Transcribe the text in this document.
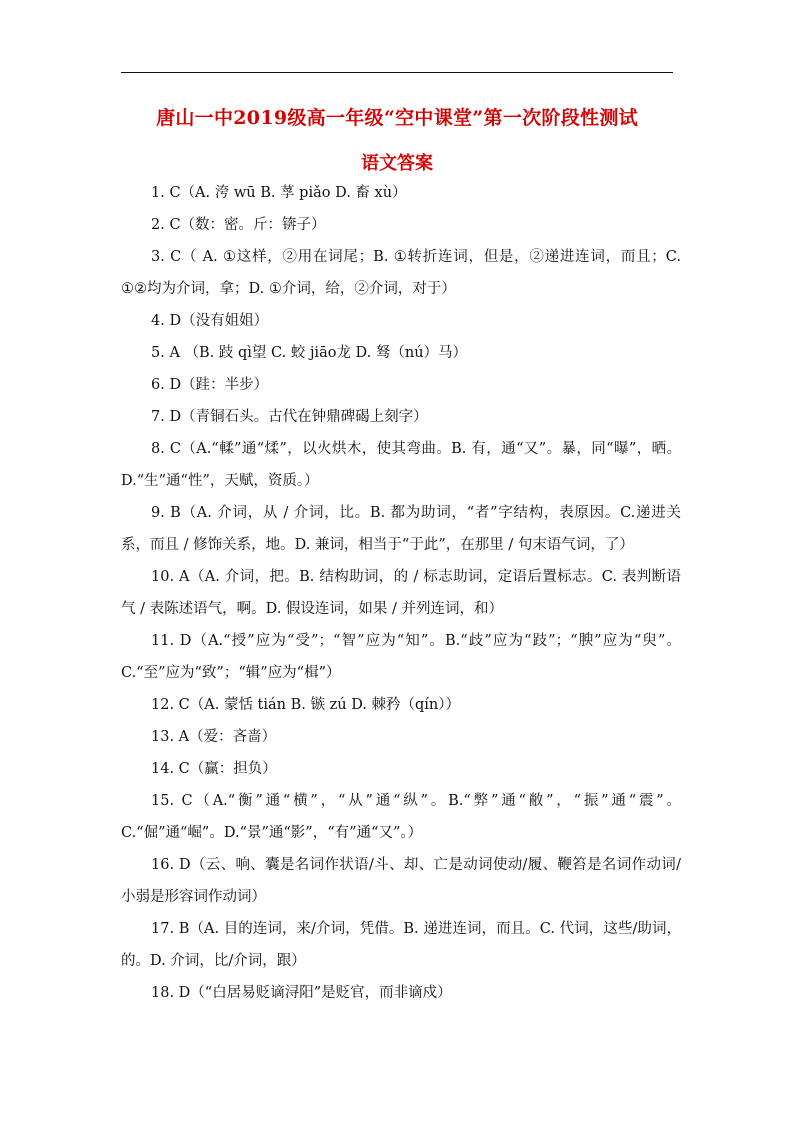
唐山一中2019级高一年级“空中课堂”第一次阶段性测试
语文答案

1. C（A. 洿 wū B. 莩 piǎo D. 畜 xù）

2. C（数：密。斤：锛子）

3. C（ A. ①这样，②用在词尾；B. ①转折连词，但是，②递进连词，而且；C. ①②均为介词，拿；D. ①介词，给，②介词，对于）

4. D（没有姐姐）

5. A （B. 跂 qì望 C. 蛟 jiāo龙 D. 驽（nú）马）

6. D（跬：半步）

7. D（青铜石头。古代在钟鼎碑碣上刻字）

8. C（A.“輮”通“煣”，以火烘木，使其弯曲。B. 有，通“又”。暴，同“曝”，晒。D.“生”通“性”，天赋，资质。）

9. B（A. 介词，从 / 介词，比。B. 都为助词，“者”字结构，表原因。C.递进关系，而且 / 修饰关系，地。D. 兼词，相当于“于此”，在那里 / 句末语气词，了）

10. A（A. 介词，把。B. 结构助词，的 / 标志助词，定语后置标志。C. 表判断语气 / 表陈述语气，啊。D. 假设连词，如果 / 并列连词，和）

11. D（A.“授”应为“受”；“智”应为“知”。B.“歧”应为“跂”；“腴”应为“臾”。C.“至”应为“致”；“辑”应为“楫”）

12. C（A. 蒙恬 tián B. 镞 zú D. 棘矜（qín））

13. A（爱：吝啬）

14. C（赢：担负）

15. C（A.“衡”通“横”，“从”通“纵”。B.“弊”通“敝”，“振”通“震”。C.“倔”通“崛”。D.“景”通“影”，“有”通“又”。）

16. D（云、响、囊是名词作状语/斗、却、亡是动词使动/履、鞭笞是名词作动词/小弱是形容词作动词）

17. B（A. 目的连词，来/介词，凭借。B. 递进连词，而且。C. 代词，这些/助词，的。D. 介词，比/介词，跟）

18. D（“白居易贬谪浔阳”是贬官，而非谪戍）
